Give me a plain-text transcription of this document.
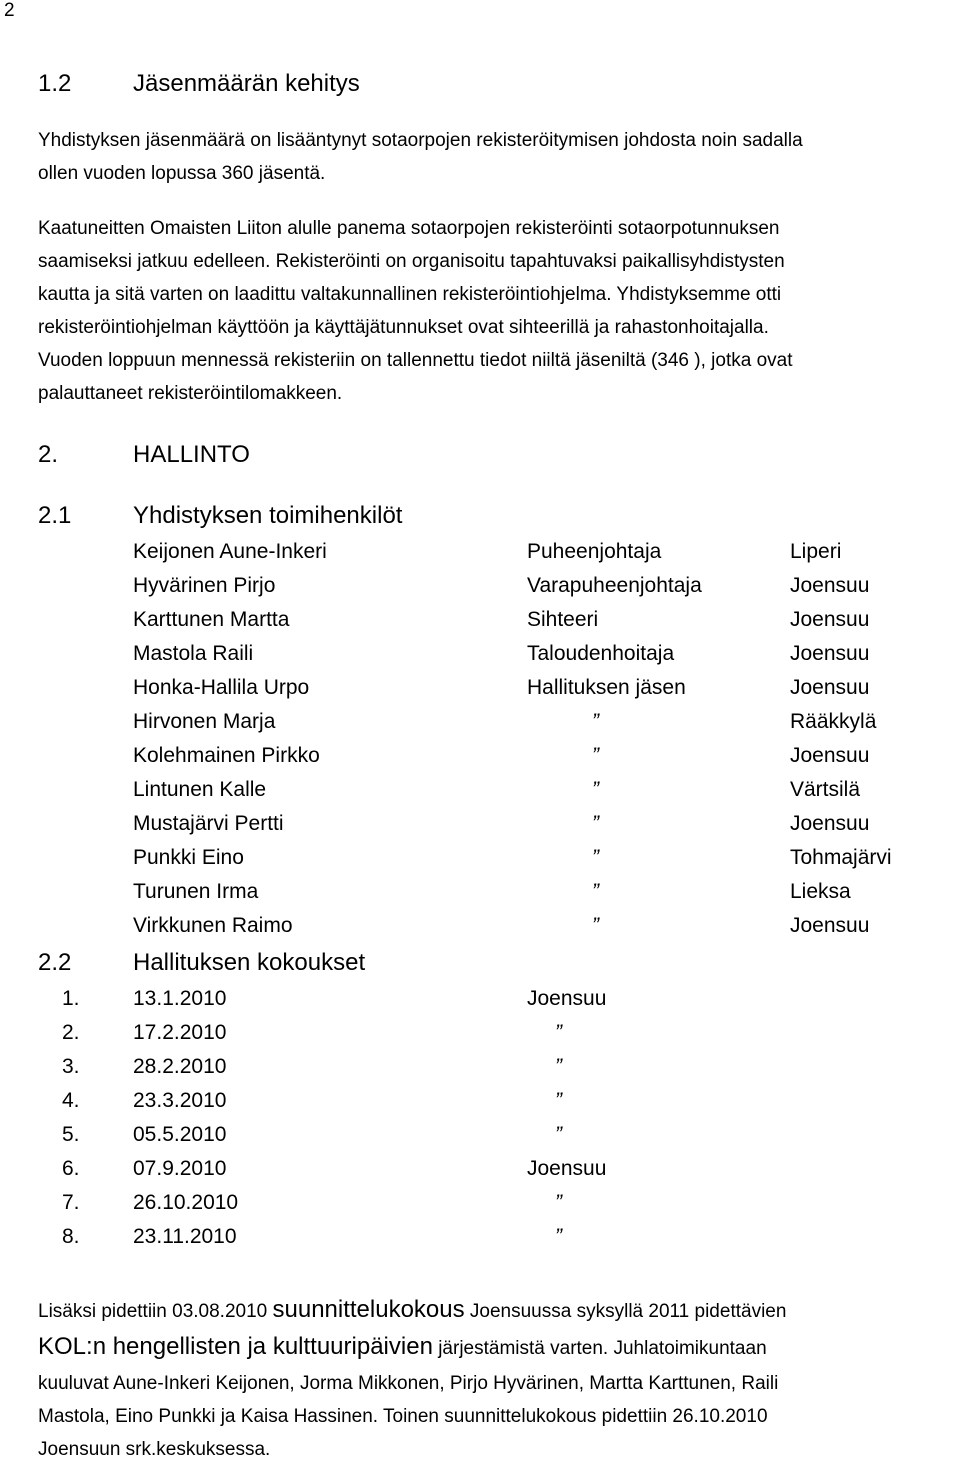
2
1.2	Jäsenmäärän kehitys
Yhdistyksen jäsenmäärä on lisääntynyt sotaorpojen rekisteröitymisen johdosta noin sadalla
ollen vuoden lopussa 360 jäsentä.
Kaatuneitten Omaisten Liiton alulle panema sotaorpojen rekisteröinti sotaorpotunnuksen
saamiseksi jatkuu edelleen. Rekisteröinti on organisoitu tapahtuvaksi paikallisyhdistysten
kautta ja sitä varten on laadittu valtakunnallinen rekisteröintiohjelma. Yhdistyksemme otti
rekisteröintiohjelman käyttöön ja käyttäjätunnukset ovat sihteerillä ja rahastonhoitajalla.
Vuoden loppuun mennessä rekisteriin on tallennettu tiedot niiltä jäseniltä (346 ), jotka ovat
palauttaneet rekisteröintilomakkeen.
2.	HALLINTO
2.1	Yhdistyksen toimihenkilöt
Keijonen Aune-Inkeri	Puheenjohtaja	Liperi
Hyvärinen Pirjo	Varapuheenjohtaja	Joensuu
Karttunen Martta	Sihteeri	Joensuu
Mastola Raili	Taloudenhoitaja	Joensuu
Honka-Hallila Urpo	Hallituksen jäsen	Joensuu
Hirvonen Marja	”	Rääkkylä
Kolehmainen Pirkko	”	Joensuu
Lintunen Kalle	”	Värtsilä
Mustajärvi Pertti	”	Joensuu
Punkki Eino	”	Tohmajärvi
Turunen Irma	”	Lieksa
Virkkunen Raimo	”	Joensuu
2.2	Hallituksen kokoukset
1.	13.1.2010	Joensuu
2.	17.2.2010	”
3.	28.2.2010	”
4.	23.3.2010	”
5.	05.5.2010	”
6.	07.9.2010	Joensuu
7.	26.10.2010	”
8.	23.11.2010	”
Lisäksi pidettiin 03.08.2010 suunnittelukokous Joensuussa syksyllä 2011 pidettävien
KOL:n hengellisten ja kulttuuripäivien järjestämistä varten. Juhlatoimikuntaan
kuuluvat Aune-Inkeri Keijonen, Jorma Mikkonen, Pirjo Hyvärinen, Martta Karttunen, Raili
Mastola, Eino Punkki ja Kaisa Hassinen. Toinen suunnittelukokous pidettiin 26.10.2010
Joensuun srk.keskuksessa.
